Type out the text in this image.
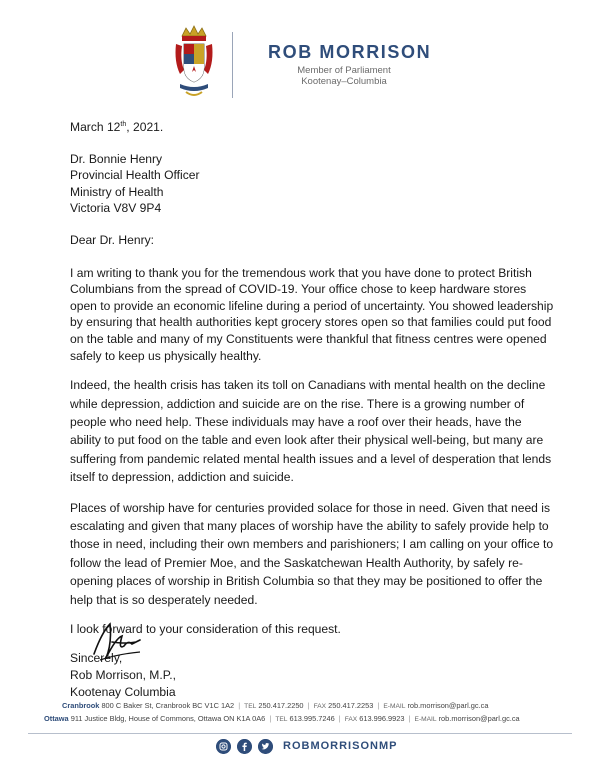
ROB MORRISON
Member of Parliament
Kootenay–Columbia

March 12th, 2021.

Dr. Bonnie Henry

Provincial Health Officer

Ministry of Health

Victoria V8V 9P4

Dear Dr. Henry:

I am writing to thank you for the tremendous work that you have done to protect British Columbians from the spread of COVID-19. Your office chose to keep hardware stores open to provide an economic lifeline during a period of uncertainty. You showed leadership by ensuring that health authorities kept grocery stores open so that families could put food on the table and many of my Constituents were thankful that fitness centres were opened safely to keep us physically healthy.

Indeed, the health crisis has taken its toll on Canadians with mental health on the decline while depression, addiction and suicide are on the rise. There is a growing number of people who need help. These individuals may have a roof over their heads, have the ability to put food on the table and even look after their physical well-being, but many are suffering from pandemic related mental health issues and a level of desperation that lends itself to depression, addiction and suicide.

Places of worship have for centuries provided solace for those in need. Given that need is escalating and given that many places of worship have the ability to safely provide help to those in need, including their own members and parishioners; I am calling on your office to follow the lead of Premier Moe, and the Saskatchewan Health Authority, by safely re-opening places of worship in British Columbia so that they may be positioned to offer the help that is so desperately needed.

I look forward to your consideration of this request.

Sincerely,

Rob Morrison, M.P.,
Kootenay Columbia
Cranbrook 800 C Baker St, Cranbrook BC V1C 1A2 | TEL 250.417.2250 | FAX 250.417.2253 | E-MAIL rob.morrison@parl.gc.ca
Ottawa 911 Justice Bldg, House of Commons, Ottawa ON K1A 0A6 | TEL 613.995.7246 | FAX 613.996.9923 | E-MAIL rob.morrison@parl.gc.ca
ROBMORRISONMP
